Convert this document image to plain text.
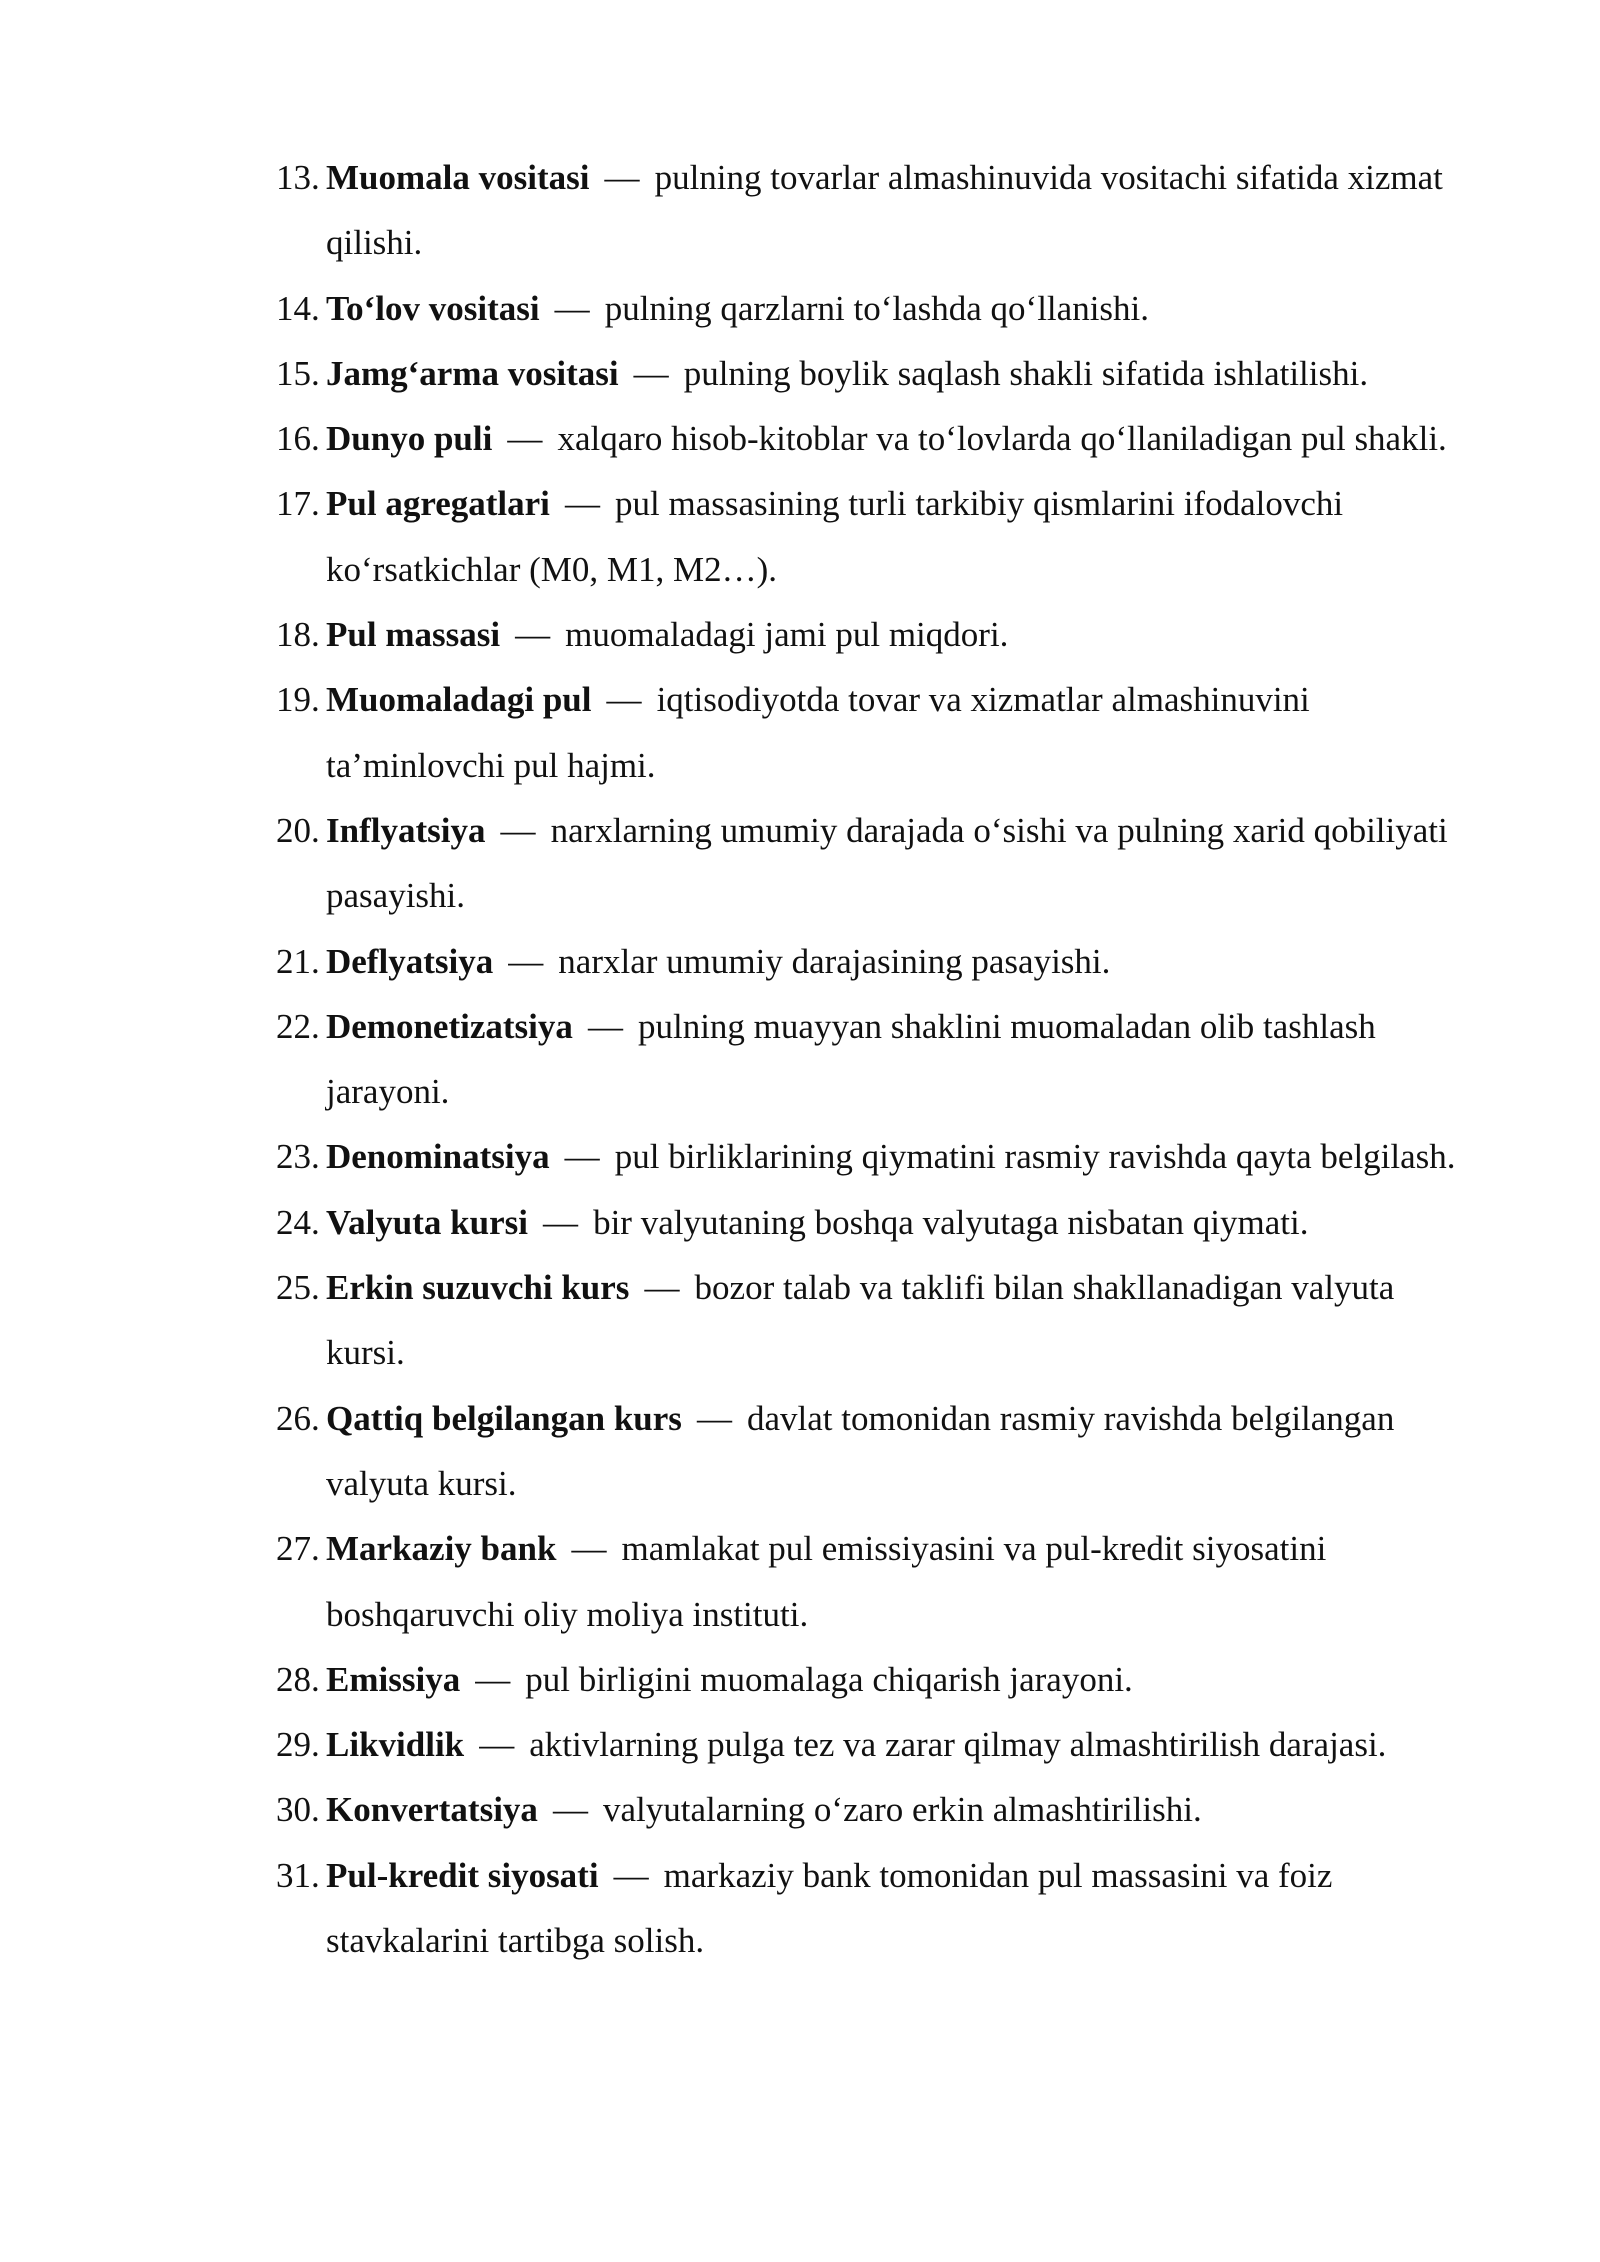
13. Muomala vositasi — pulning tovarlar almashinuvida vositachi sifatida xizmat qilishi.
14. To‘lov vositasi — pulning qarzlarni to‘lashda qo‘llanishi.
15. Jamg‘arma vositasi — pulning boylik saqlash shakli sifatida ishlatilishi.
16. Dunyo puli — xalqaro hisob-kitoblar va to‘lovlarda qo‘llaniladigan pul shakli.
17. Pul agregatlari — pul massasining turli tarkibiy qismlarini ifodalovchi ko‘rsatkichlar (M0, M1, M2…).
18. Pul massasi — muomaladagi jami pul miqdori.
19. Muomaladagi pul — iqtisodiyotda tovar va xizmatlar almashinuvini ta’minlovchi pul hajmi.
20. Inflyatsiya — narxlarning umumiy darajada o‘sishi va pulning xarid qobiliyati pasayishi.
21. Deflyatsiya — narxlar umumiy darajasining pasayishi.
22. Demonetizatsiya — pulning muayyan shaklini muomaladan olib tashlash jarayoni.
23. Denominatsiya — pul birliklarining qiymatini rasmiy ravishda qayta belgilash.
24. Valyuta kursi — bir valyutaning boshqa valyutaga nisbatan qiymati.
25. Erkin suzuvchi kurs — bozor talab va taklifi bilan shakllanadigan valyuta kursi.
26. Qattiq belgilangan kurs — davlat tomonidan rasmiy ravishda belgilangan valyuta kursi.
27. Markaziy bank — mamlakat pul emissiyasini va pul-kredit siyosatini boshqaruvchi oliy moliya instituti.
28. Emissiya — pul birligini muomalaga chiqarish jarayoni.
29. Likvidlik — aktivlarning pulga tez va zarar qilmay almashtirilish darajasi.
30. Konvertatsiya — valyutalarning o‘zaro erkin almashtirilishi.
31. Pul-kredit siyosati — markaziy bank tomonidan pul massasini va foiz stavkalarini tartibga solish.
